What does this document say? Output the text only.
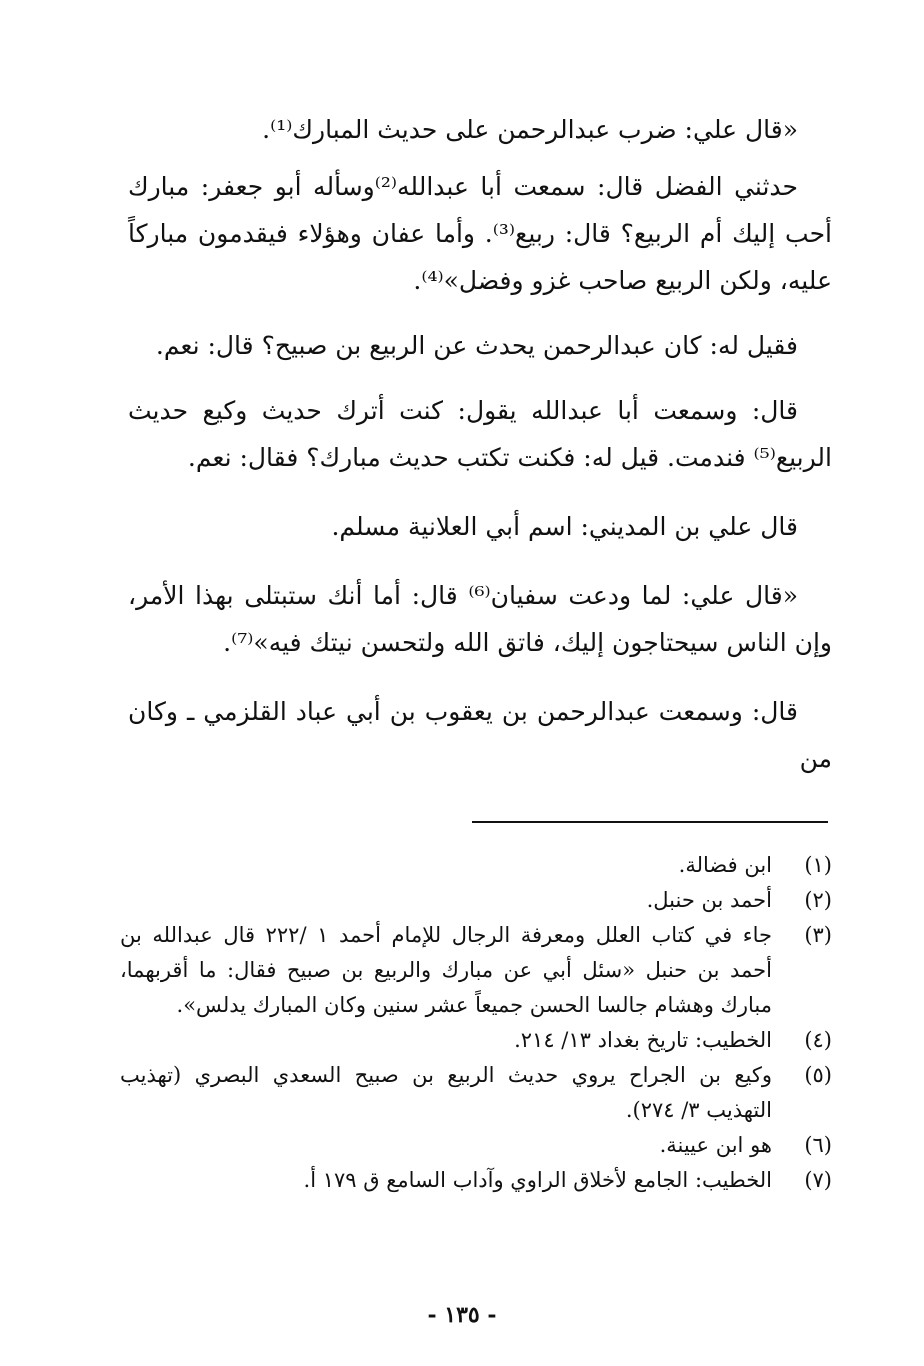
«قال علي: ضرب عبدالرحمن على حديث المبارك⁽¹⁾.

حدثني الفضل قال: سمعت أبا عبدالله⁽²⁾وسأله أبو جعفر: مبارك أحب إليك أم الربيع؟ قال: ربيع⁽³⁾. وأما عفان وهؤلاء فيقدمون مباركاً عليه، ولكن الربيع صاحب غزو وفضل»⁽⁴⁾.

فقيل له: كان عبدالرحمن يحدث عن الربيع بن صبيح؟ قال: نعم.

قال: وسمعت أبا عبدالله يقول: كنت أترك حديث وكيع حديث الربيع⁽⁵⁾ فندمت. قيل له: فكنت تكتب حديث مبارك؟ فقال: نعم.

قال علي بن المديني: اسم أبي العلانية مسلم.

«قال علي: لما ودعت سفيان⁽⁶⁾ قال: أما أنك ستبتلى بهذا الأمر، وإن الناس سيحتاجون إليك، فاتق الله ولتحسن نيتك فيه»⁽⁷⁾.

قال: وسمعت عبدالرحمن بن يعقوب بن أبي عباد القلزمي ـ وكان من

(١)
ابن فضالة.
(٢)
أحمد بن حنبل.
(٣)
جاء في كتاب العلل ومعرفة الرجال للإمام أحمد ١ /٢٢٢ قال عبدالله بن أحمد بن حنبل «سئل أبي عن مبارك والربيع بن صبيح فقال: ما أقربهما، مبارك وهشام جالسا الحسن جميعاً عشر سنين وكان المبارك يدلس».
(٤)
الخطيب: تاريخ بغداد ١٣/ ٢١٤.
(٥)
وكيع بن الجراح يروي حديث الربيع بن صبيح السعدي البصري (تهذيب التهذيب ٣/ ٢٧٤).
(٦)
هو ابن عيينة.
(٧)
الخطيب: الجامع لأخلاق الراوي وآداب السامع ق ١٧٩ أ.
- ١٣٥ -
